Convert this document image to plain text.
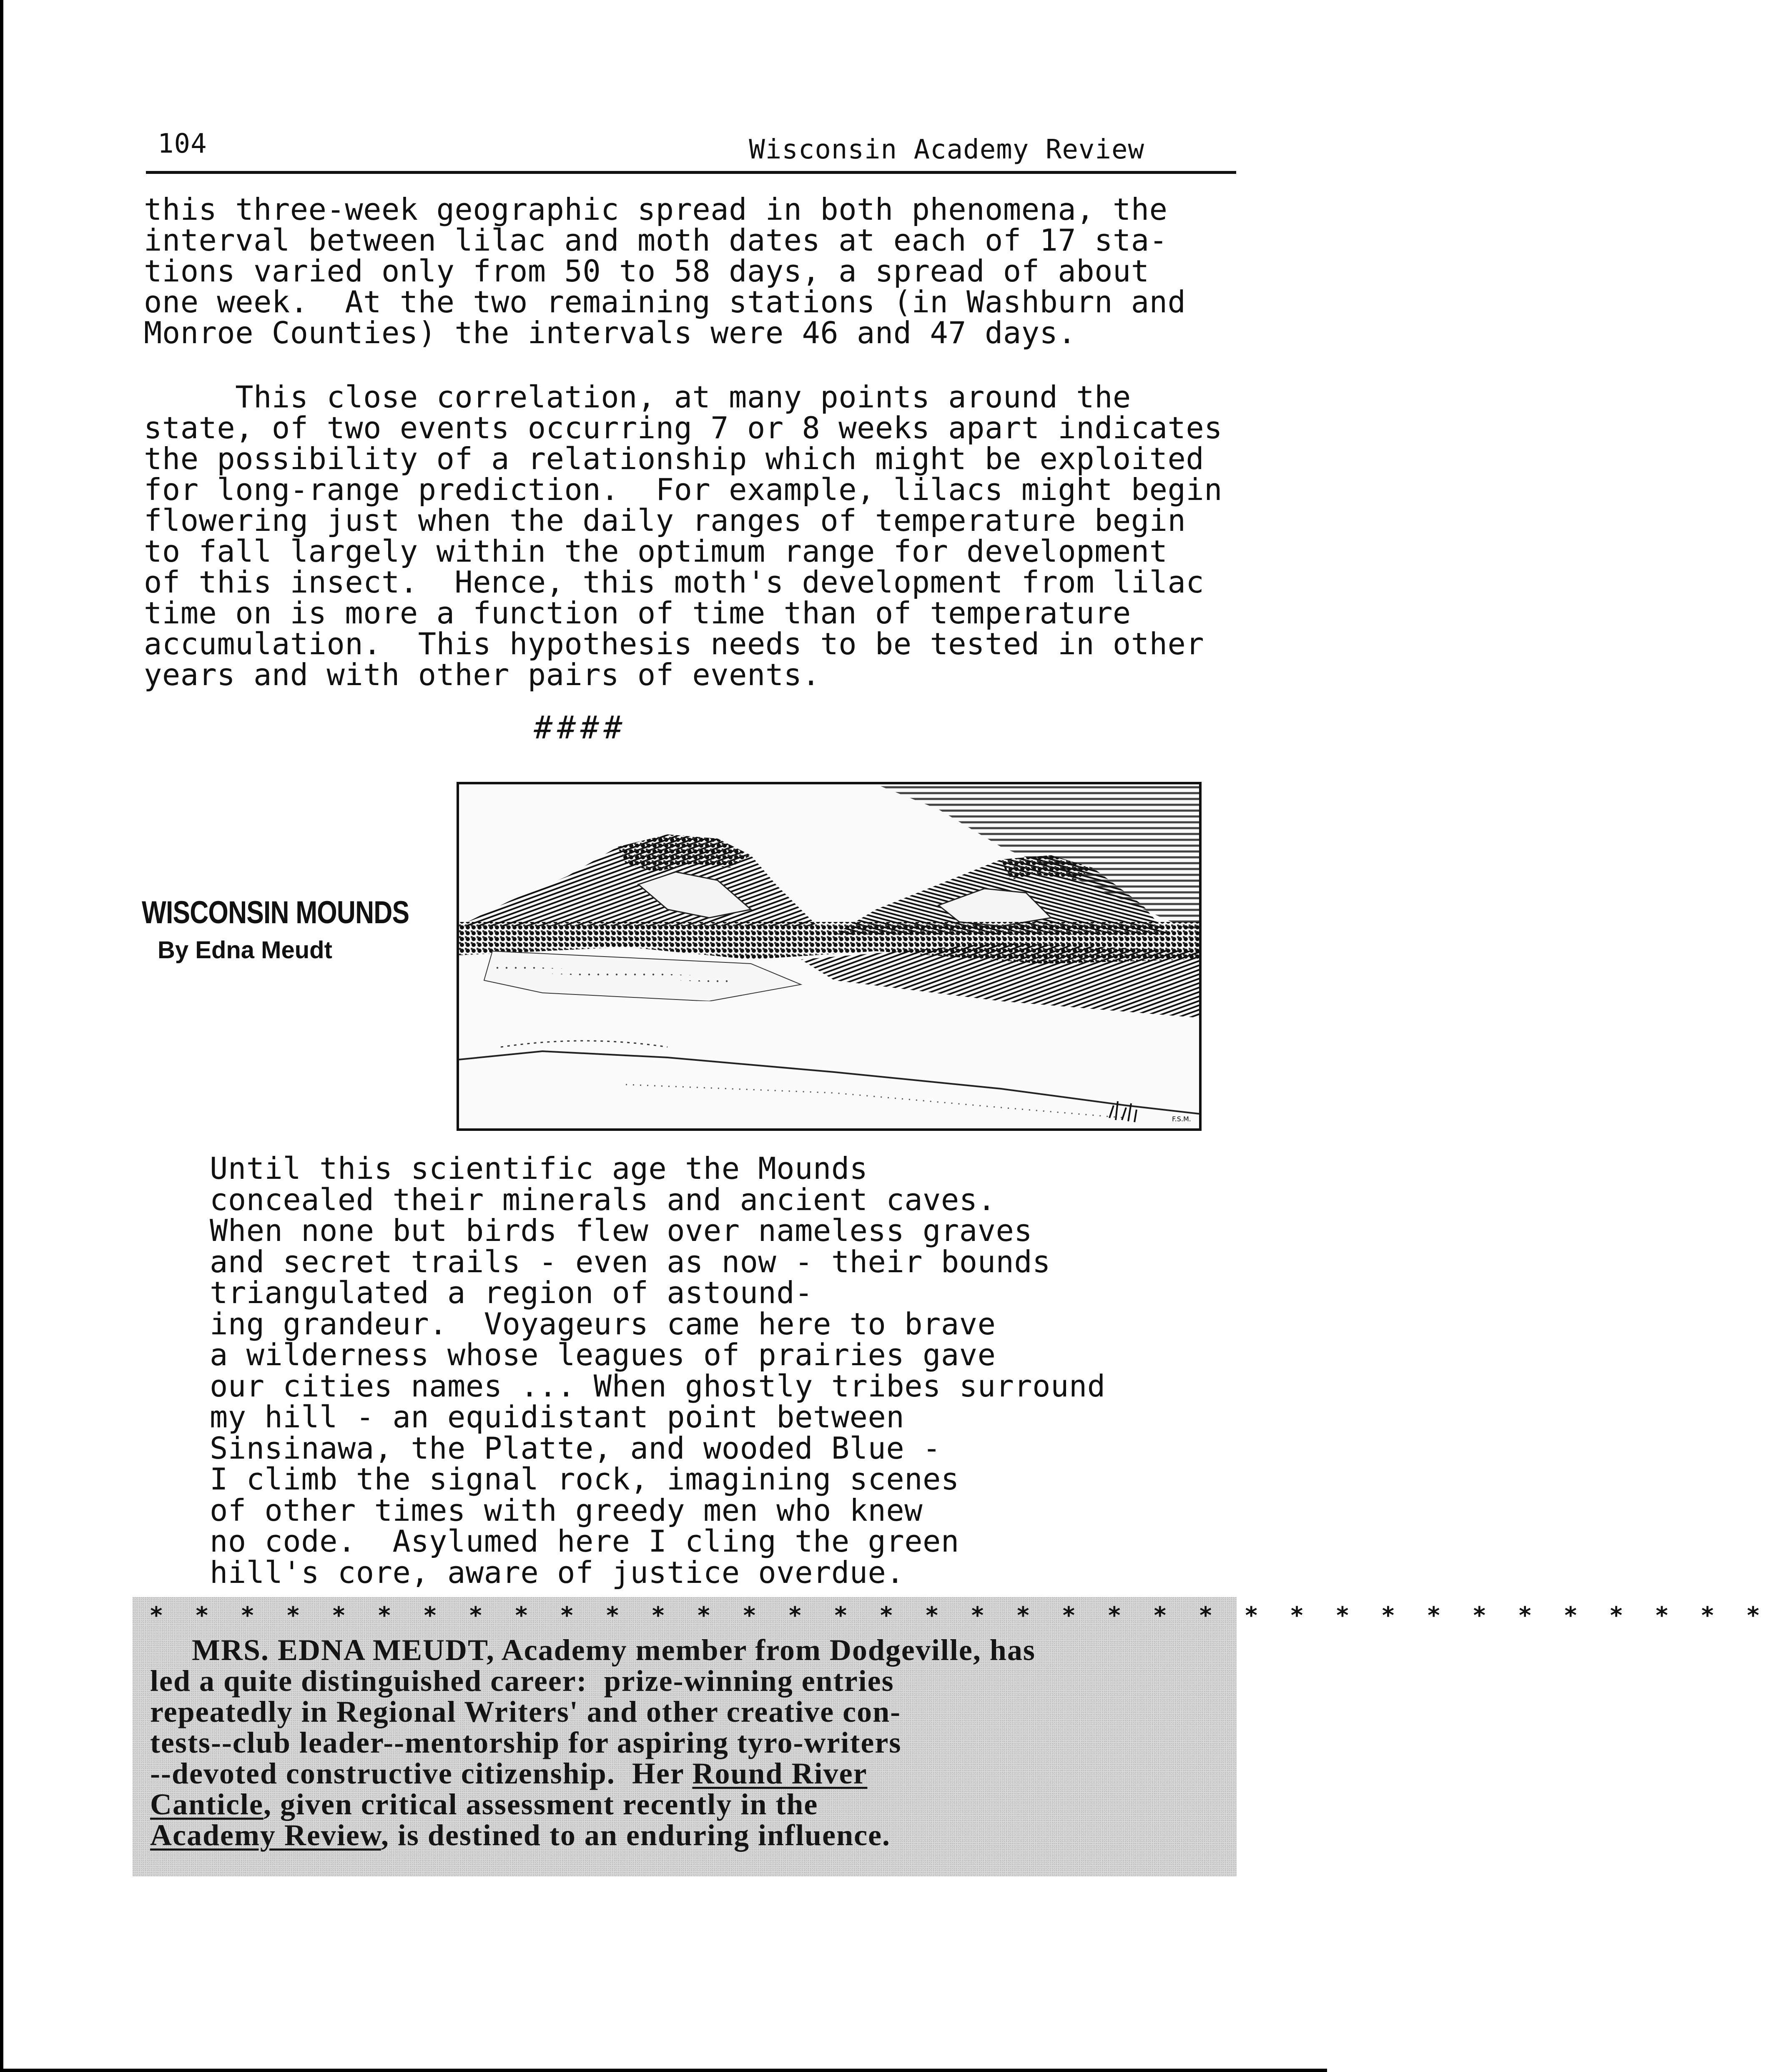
104	Wisconsin Academy Review
this three-week geographic spread in both phenomena, the
interval between lilac and moth dates at each of 17 sta-
tions varied only from 50 to 58 days, a spread of about
one week.  At the two remaining stations (in Washburn and
Monroe Counties) the intervals were 46 and 47 days.
This close correlation, at many points around the
state, of two events occurring 7 or 8 weeks apart indicates
the possibility of a relationship which might be exploited
for long-range prediction.  For example, lilacs might begin
flowering just when the daily ranges of temperature begin
to fall largely within the optimum range for development
of this insect.  Hence, this moth's development from lilac
time on is more a function of time than of temperature
accumulation.  This hypothesis needs to be tested in other
years and with other pairs of events.
####
WISCONSIN MOUNDS
By Edna Meudt
F.S.M.
Until this scientific age the Mounds
concealed their minerals and ancient caves.
When none but birds flew over nameless graves
and secret trails - even as now - their bounds
triangulated a region of astound-
ing grandeur.  Voyageurs came here to brave
a wilderness whose leagues of prairies gave
our cities names ... When ghostly tribes surround
my hill - an equidistant point between
Sinsinawa, the Platte, and wooded Blue -
I climb the signal rock, imagining scenes
of other times with greedy men who knew
no code.  Asylumed here I cling the green
hill's core, aware of justice overdue.
* * * * * * * * * * * * * * * * * * * * * * * * * * * * * * * * * * * *
MRS. EDNA MEUDT, Academy member from Dodgeville, has
led a quite distinguished career:  prize-winning entries
repeatedly in Regional Writers' and other creative con-
tests--club leader--mentorship for aspiring tyro-writers
--devoted constructive citizenship.  Her Round River
Canticle, given critical assessment recently in the
Academy Review, is destined to an enduring influence.
